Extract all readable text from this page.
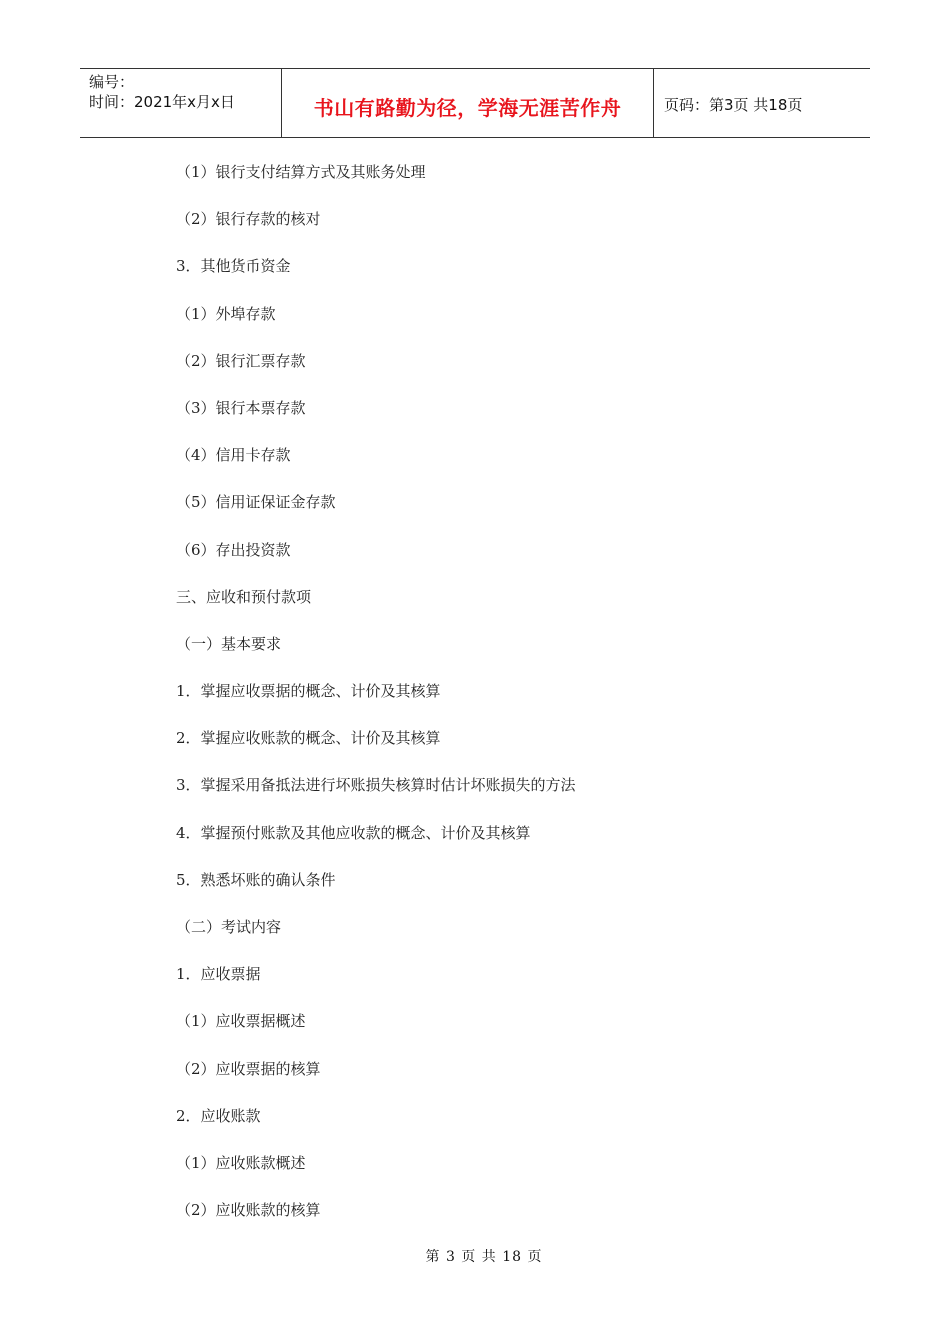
编号：
时间：2021年x月x日	书山有路勤为径，学海无涯苦作舟	页码：第3页 共18页
（1）银行支付结算方式及其账务处理
（2）银行存款的核对
3．其他货币资金
（1）外埠存款
（2）银行汇票存款
（3）银行本票存款
（4）信用卡存款
（5）信用证保证金存款
（6）存出投资款
三、应收和预付款项
（一）基本要求
1．掌握应收票据的概念、计价及其核算
2．掌握应收账款的概念、计价及其核算
3．掌握采用备抵法进行坏账损失核算时估计坏账损失的方法
4．掌握预付账款及其他应收款的概念、计价及其核算
5．熟悉坏账的确认条件
（二）考试内容
1．应收票据
（1）应收票据概述
（2）应收票据的核算
2．应收账款
（1）应收账款概述
（2）应收账款的核算
第 3 页 共 18 页
